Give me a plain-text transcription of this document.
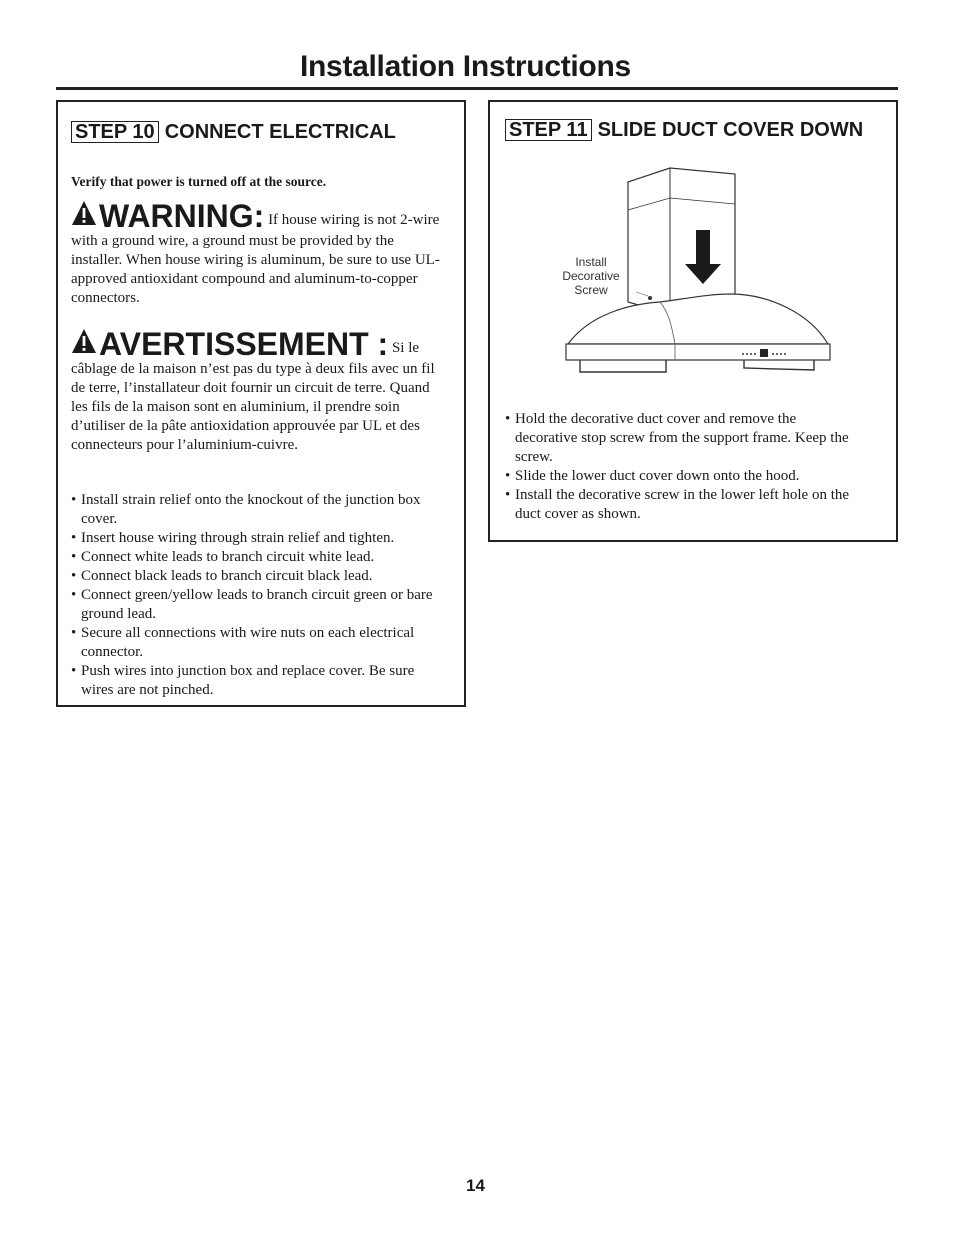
Installation Instructions
STEP 10 CONNECT ELECTRICAL
Verify that power is turned off at the source.
WARNING: If house wiring is not 2-wire with a ground wire, a ground must be provided by the installer. When house wiring is aluminum, be sure to use UL-approved antioxidant compound and aluminum-to-copper connectors.
AVERTISSEMENT : Si le câblage de la maison n’est pas du type à deux fils avec un fil de terre, l’installateur doit fournir un circuit de terre. Quand les fils de la maison sont en aluminium, il prendre soin d’utiliser de la pâte antioxidation approuvée par UL et des connecteurs pour l’aluminium-cuivre.
• Install strain relief onto the knockout of the junction box cover.
• Insert house wiring through strain relief and tighten.
• Connect white leads to branch circuit white lead.
• Connect black leads to branch circuit black lead.
• Connect green/yellow leads to branch circuit green or bare ground lead.
• Secure all connections with wire nuts on each electrical connector.
• Push wires into junction box and replace cover. Be sure wires are not pinched.
STEP 11 SLIDE DUCT COVER DOWN
Install
Decorative
Screw
• Hold the decorative duct cover and remove the decorative stop screw from the support frame. Keep the screw.
• Slide the lower duct cover down onto the hood.
• Install the decorative screw in the lower left hole on the duct cover as shown.
14
